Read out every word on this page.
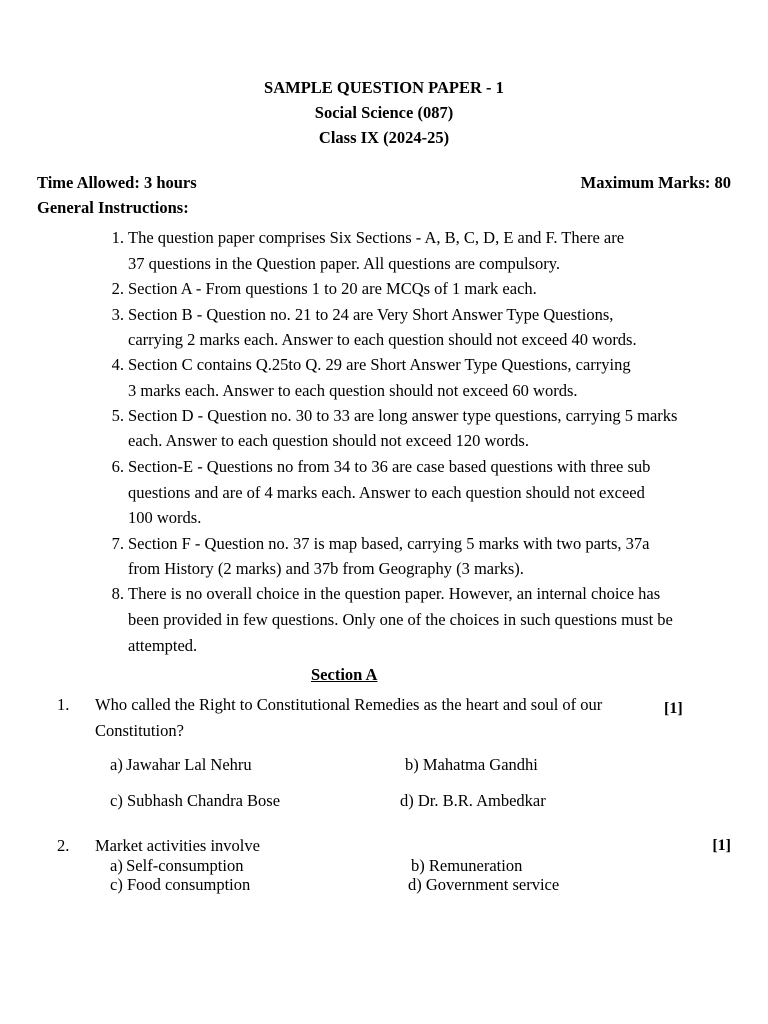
SAMPLE QUESTION PAPER - 1
Social Science (087)
Class IX (2024-25)
Time Allowed: 3 hours	Maximum Marks: 80
General Instructions:
1. The question paper comprises Six Sections - A, B, C, D, E and F. There are
37 questions in the Question paper. All questions are compulsory.
2. Section A - From questions 1 to 20 are MCQs of 1 mark each.
3. Section B - Question no. 21 to 24 are Very Short Answer Type Questions,
carrying 2 marks each. Answer to each question should not exceed 40 words.
4. Section C contains Q.25to Q. 29 are Short Answer Type Questions, carrying
3 marks each. Answer to each question should not exceed 60 words.
5. Section D - Question no. 30 to 33 are long answer type questions, carrying 5 marks
each. Answer to each question should not exceed 120 words.
6. Section-E - Questions no from 34 to 36 are case based questions with three sub
questions and are of 4 marks each. Answer to each question should not exceed
100 words.
7. Section F - Question no. 37 is map based, carrying 5 marks with two parts, 37a
from History (2 marks) and 37b from Geography (3 marks).
8. There is no overall choice in the question paper. However, an internal choice has
been provided in few questions. Only one of the choices in such questions must be
attempted.
Section A
1. Who called the Right to Constitutional Remedies as the heart and soul of our
Constitution?
[1]
a) Jawahar Lal Nehru	b) Mahatma Gandhi
c) Subhash Chandra Bose	d) Dr. B.R. Ambedkar
2. Market activities involve	[1]
a) Self-consumption	b) Remuneration
c) Food consumption	d) Government service
